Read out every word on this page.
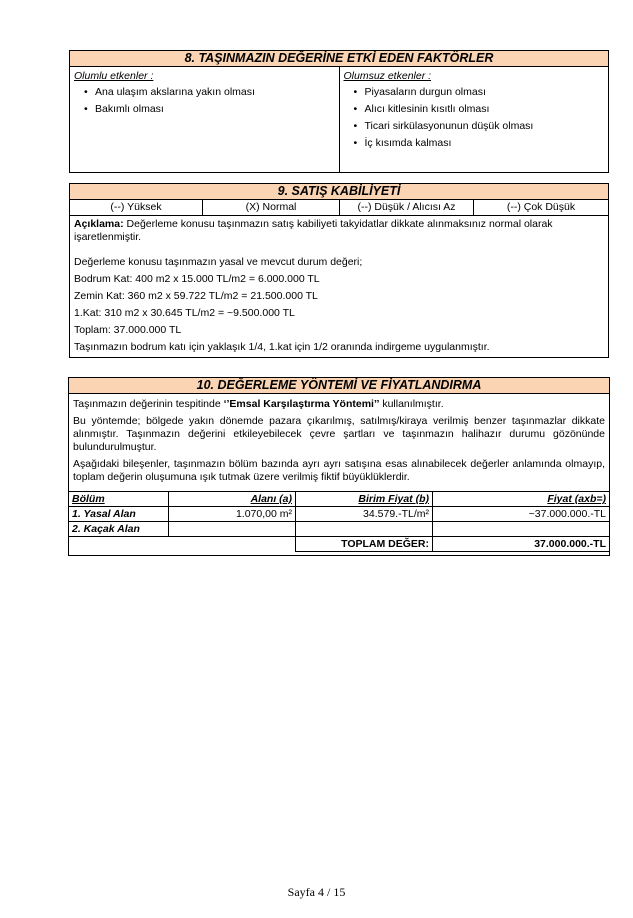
8. TAŞINMAZIN DEĞERİNE ETKİ EDEN FAKTÖRLER
Olumlu etkenler :
• Ana ulaşım akslarına yakın olması
• Bakımlı olması
Olumsuz etkenler :
• Piyasaların durgun olması
• Alıcı kitlesinin kısıtlı olması
• Ticari sirkülasyonunun düşük olması
• İç kısımda kalması
9. SATIŞ KABİLİYETİ
(--) Yüksek	(X) Normal	(--) Düşük / Alıcısı Az	(--) Çok Düşük

Açıklama: Değerleme konusu taşınmazın satış kabiliyeti takyidatlar dikkate alınmaksınız normal olarak işaretlenmiştir.

Değerleme konusu taşınmazın yasal ve mevcut durum değeri;

Bodrum Kat: 400 m2 x 15.000 TL/m2 = 6.000.000 TL

Zemin Kat: 360 m2 x 59.722 TL/m2 = 21.500.000 TL

1.Kat: 310 m2 x 30.645 TL/m2 = ~9.500.000 TL

Toplam: 37.000.000 TL

Taşınmazın bodrum katı için yaklaşık 1/4, 1.kat için 1/2 oranında indirgeme uygulanmıştır.

10. DEĞERLEME YÖNTEMİ VE FİYATLANDIRMA

Taşınmazın değerinin tespitinde ‘’Emsal Karşılaştırma Yöntemi’’ kullanılmıştır.

Bu yöntemde; bölgede yakın dönemde pazara çıkarılmış, satılmış/kiraya verilmiş benzer taşınmazlar dikkate alınmıştır. Taşınmazın değerini etkileyebilecek çevre şartları ve taşınmazın halihazır durumu gözönünde bulundurulmuştur.

Aşağıdaki bileşenler, taşınmazın bölüm bazında ayrı ayrı satışına esas alınabilecek değerler anlamında olmayıp, toplam değerin oluşumuna ışık tutmak üzere verilmiş fiktif büyüklüklerdir.

Bölüm	Alanı (a)	Birim Fiyat (b)	Fiyat (axb=)
1. Yasal Alan	1.070,00 m²	34.579.-TL/m²	~37.000.000.-TL
2. Kaçak Alan			
		TOPLAM DEĞER:	37.000.000.-TL
Sayfa 4 / 15
